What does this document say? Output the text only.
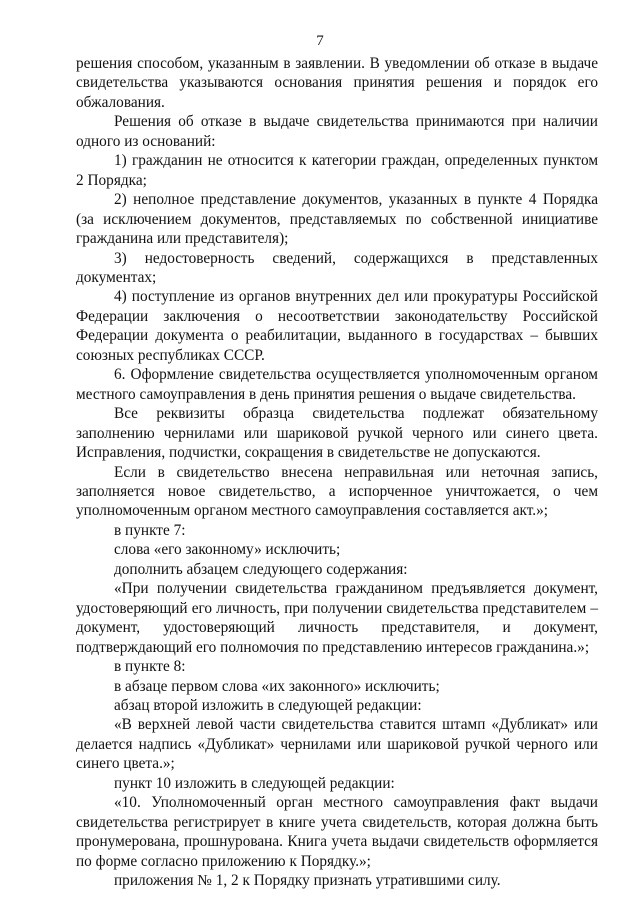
7

решения способом, указанным в заявлении. В уведомлении об отказе в выдаче свидетельства указываются основания принятия решения и порядок его обжалования.

Решения об отказе в выдаче свидетельства принимаются при наличии одного из оснований:

1) гражданин не относится к категории граждан, определенных пунктом 2 Порядка;

2) неполное представление документов, указанных в пункте 4 Порядка (за исключением документов, представляемых по собственной инициативе гражданина или представителя);

3) недостоверность сведений, содержащихся в представленных документах;

4) поступление из органов внутренних дел или прокуратуры Российской Федерации заключения о несоответствии законодательству Российской Федерации документа о реабилитации, выданного в государствах – бывших союзных республиках СССР.

6. Оформление свидетельства осуществляется уполномоченным органом местного самоуправления в день принятия решения о выдаче свидетельства.

Все реквизиты образца свидетельства подлежат обязательному заполнению чернилами или шариковой ручкой черного или синего цвета. Исправления, подчистки, сокращения в свидетельстве не допускаются.

Если в свидетельство внесена неправильная или неточная запись, заполняется новое свидетельство, а испорченное уничтожается, о чем уполномоченным органом местного самоуправления составляется акт.»;

в пункте 7:

слова «его законному» исключить;

дополнить абзацем следующего содержания:

«При получении свидетельства гражданином предъявляется документ, удостоверяющий его личность, при получении свидетельства представителем – документ, удостоверяющий личность представителя, и документ, подтверждающий его полномочия по представлению интересов гражданина.»;

в пункте 8:

в абзаце первом слова «их законного» исключить;

абзац второй изложить в следующей редакции:

«В верхней левой части свидетельства ставится штамп «Дубликат» или делается надпись «Дубликат» чернилами или шариковой ручкой черного или синего цвета.»;

пункт 10 изложить в следующей редакции:

«10. Уполномоченный орган местного самоуправления факт выдачи свидетельства регистрирует в книге учета свидетельств, которая должна быть пронумерована, прошнурована. Книга учета выдачи свидетельств оформляется по форме согласно приложению к Порядку.»;

приложения № 1, 2 к Порядку признать утратившими силу.
